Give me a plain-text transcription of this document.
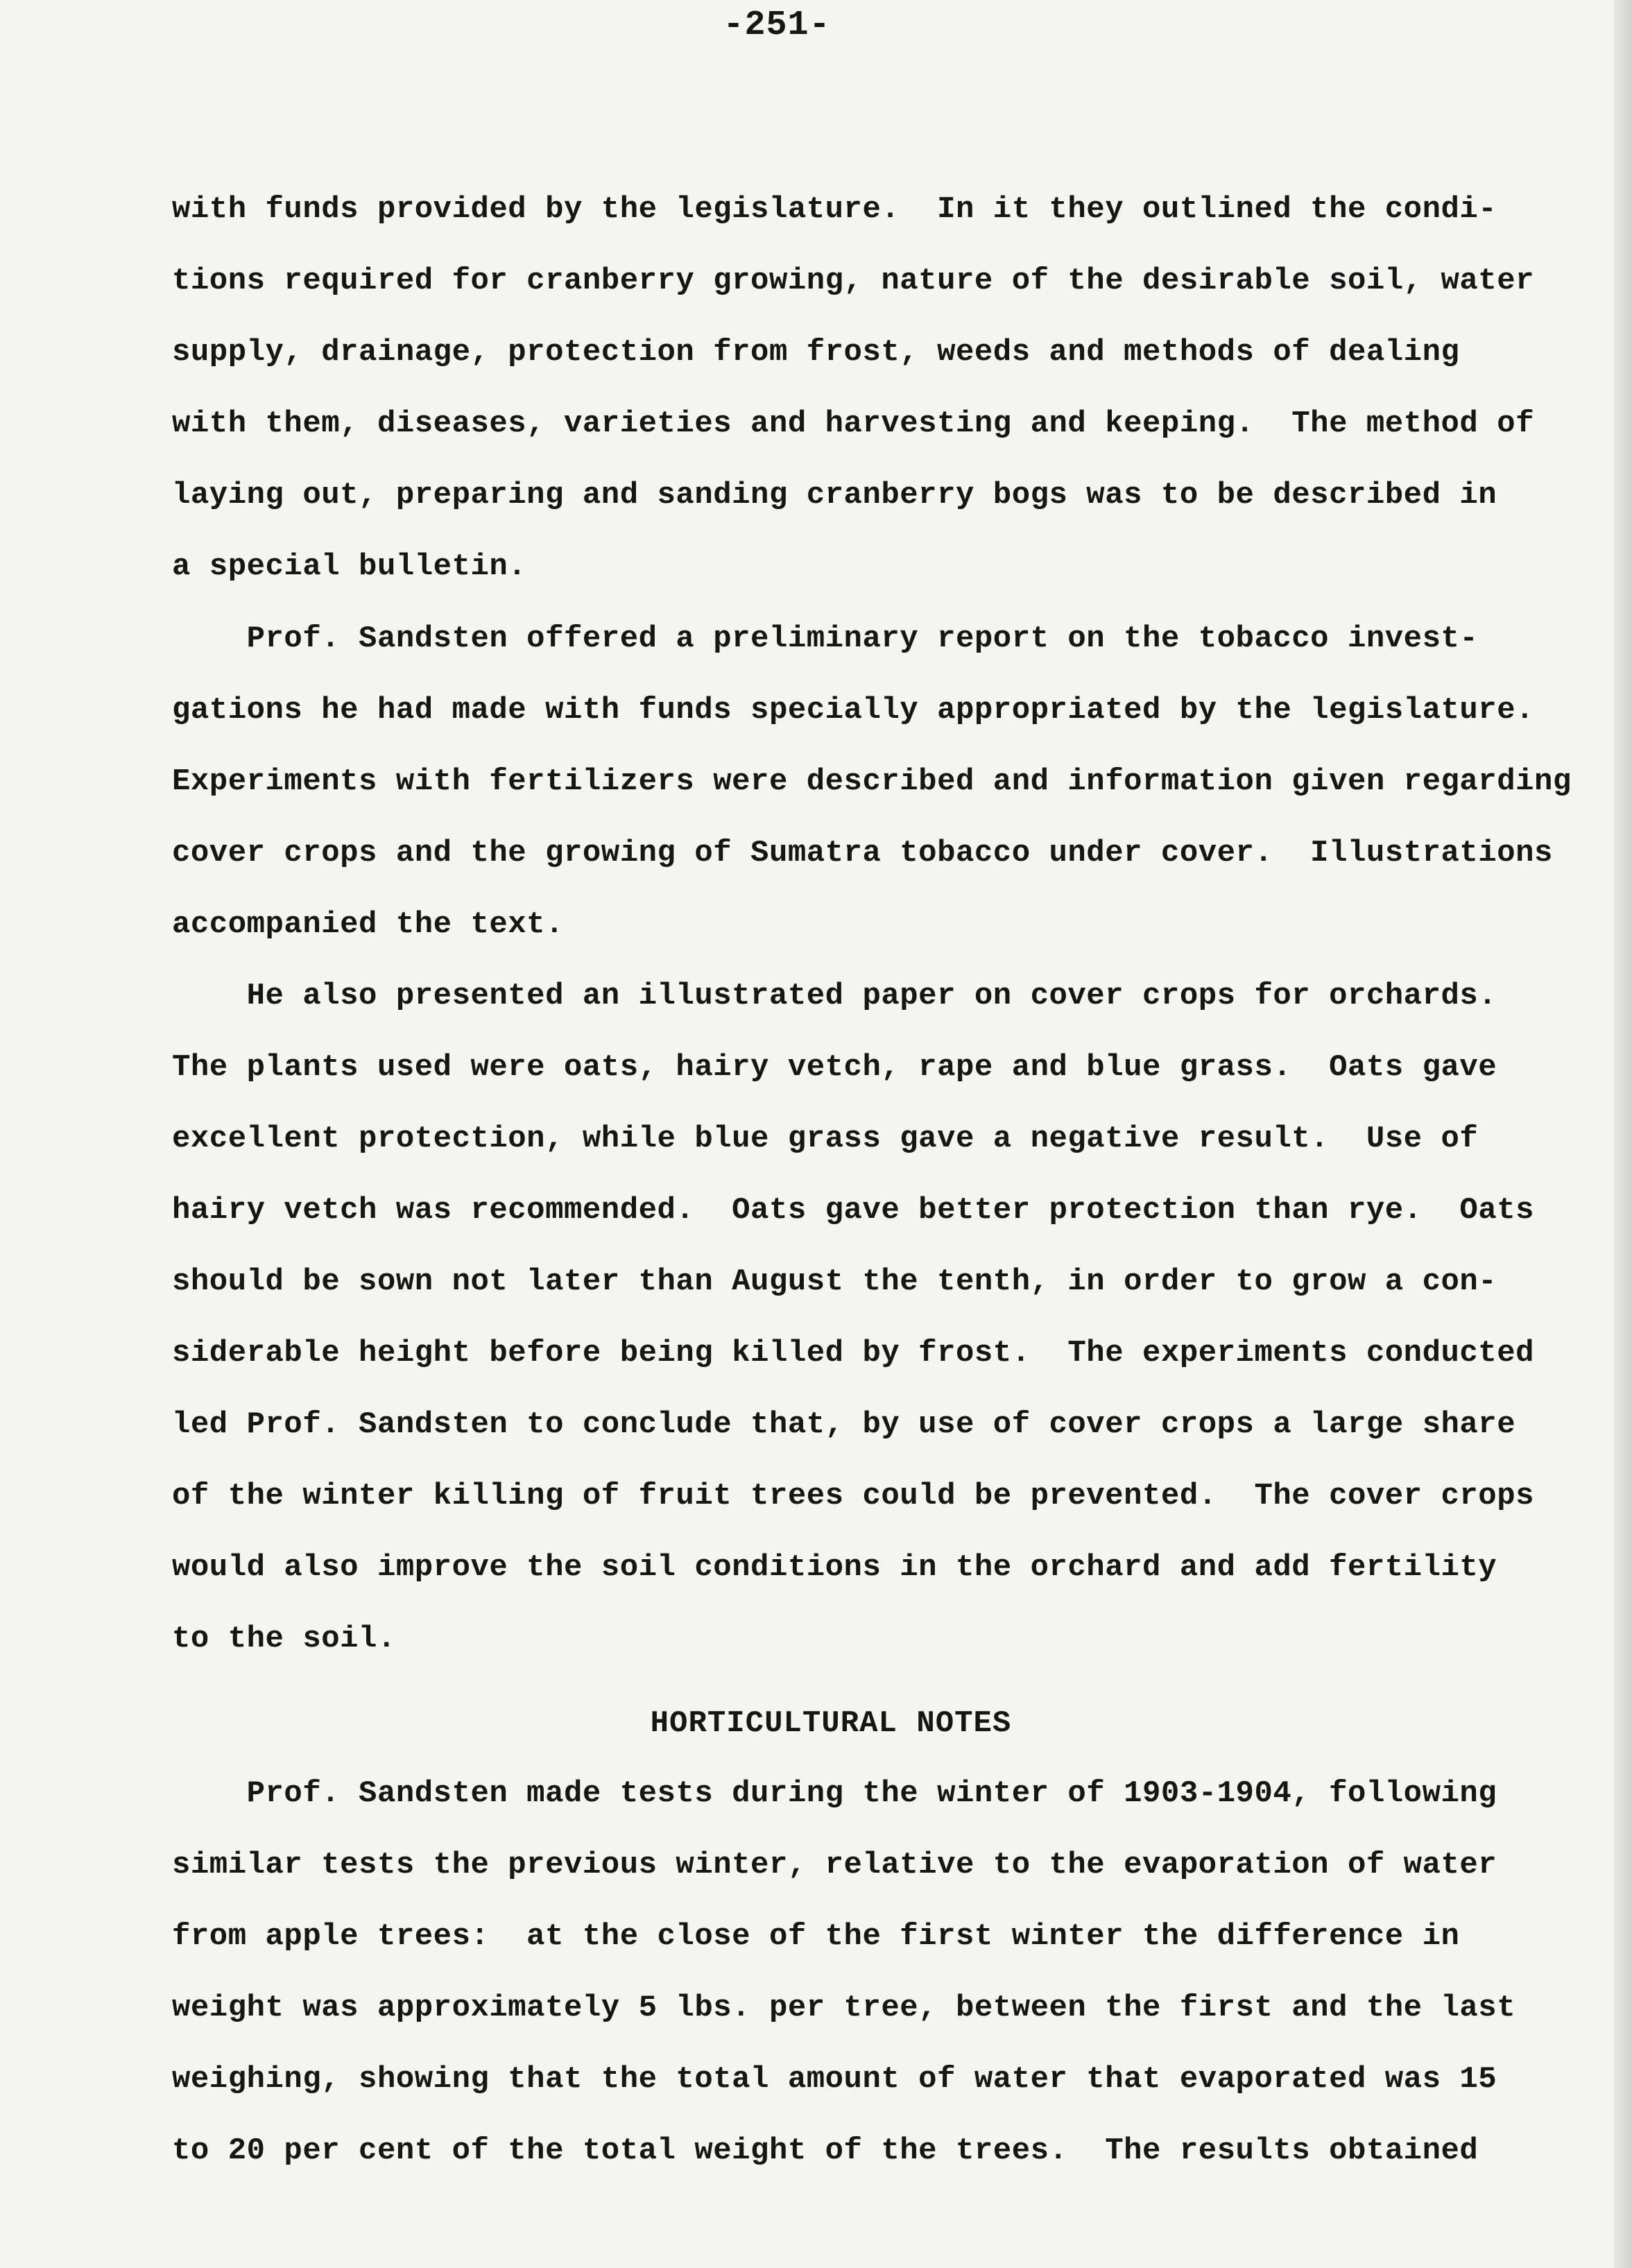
-251-
with funds provided by the legislature.  In it they outlined the condi-
tions required for cranberry growing, nature of the desirable soil, water
supply, drainage, protection from frost, weeds and methods of dealing
with them, diseases, varieties and harvesting and keeping.  The method of
laying out, preparing and sanding cranberry bogs was to be described in
a special bulletin.
Prof. Sandsten offered a preliminary report on the tobacco invest-
gations he had made with funds specially appropriated by the legislature.
Experiments with fertilizers were described and information given regarding
cover crops and the growing of Sumatra tobacco under cover.  Illustrations
accompanied the text.
He also presented an illustrated paper on cover crops for orchards.
The plants used were oats, hairy vetch, rape and blue grass.  Oats gave
excellent protection, while blue grass gave a negative result.  Use of
hairy vetch was recommended.  Oats gave better protection than rye.  Oats
should be sown not later than August the tenth, in order to grow a con-
siderable height before being killed by frost.  The experiments conducted
led Prof. Sandsten to conclude that, by use of cover crops a large share
of the winter killing of fruit trees could be prevented.  The cover crops
would also improve the soil conditions in the orchard and add fertility
to the soil.
HORTICULTURAL NOTES
Prof. Sandsten made tests during the winter of 1903-1904, following
similar tests the previous winter, relative to the evaporation of water
from apple trees:  at the close of the first winter the difference in
weight was approximately 5 lbs. per tree, between the first and the last
weighing, showing that the total amount of water that evaporated was 15
to 20 per cent of the total weight of the trees.  The results obtained
